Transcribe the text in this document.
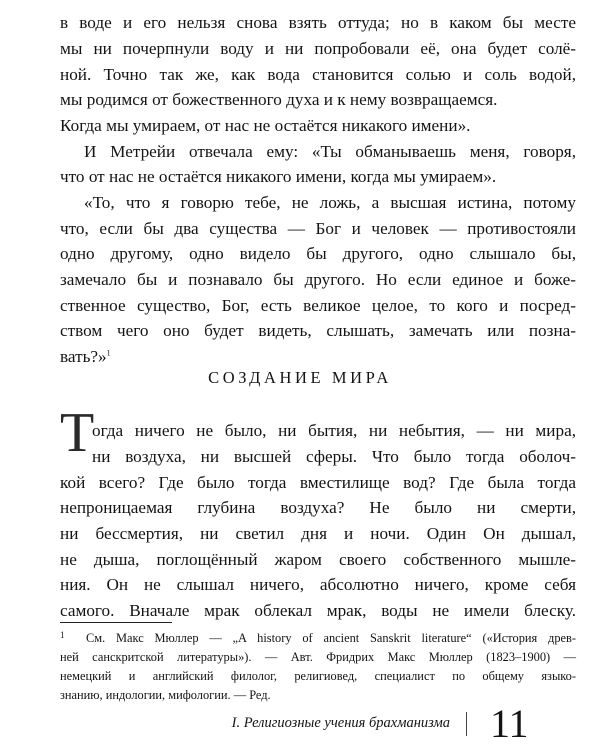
в воде и его нельзя снова взять оттуда; но в каком бы месте
мы ни почерпнули воду и ни попробовали её, она будет солё-
ной. Точно так же, как вода становится солью и соль водой,
мы родимся от божественного духа и к нему возвращаемся.
Когда мы умираем, от нас не остаётся никакого имени».
И Метрейи отвечала ему: «Ты обманываешь меня, говоря,
что от нас не остаётся никакого имени, когда мы умираем».
«То, что я говорю тебе, не ложь, а высшая истина, потому
что, если бы два существа — Бог и человек — противостояли
одно другому, одно видело бы другого, одно слышало бы,
замечало бы и познавало бы другого. Но если единое и боже-
ственное существо, Бог, есть великое целое, то кого и посред-
ством чего оно будет видеть, слышать, замечать или позна-
вать?»$^1$
СОЗДАНИЕ МИРА
Т
огда ничего не было, ни бытия, ни небытия, — ни мира,
ни воздуха, ни высшей сферы. Что было тогда оболоч-
кой всего? Где было тогда вместилище вод? Где была тогда
непроницаемая глубина воздуха? Не было ни смерти,
ни бессмертия, ни светил дня и ночи. Один Он дышал,
не дыша, поглощённый жаром своего собственного мышле-
ния. Он не слышал ничего, абсолютно ничего, кроме себя
самого. Вначале мрак облекал мрак, воды не имели блеску.
1 См. Макс Мюллер — „A history of ancient Sanskrit literature“ («История древ-
ней санскритской литературы»). — Авт. Фридрих Макс Мюллер (1823–1900) —
немецкий и английский филолог, религиовед, специалист по общему языко-
знанию, индологии, мифологии. — Ред.
I. Религиозные учения брахманизма 11
